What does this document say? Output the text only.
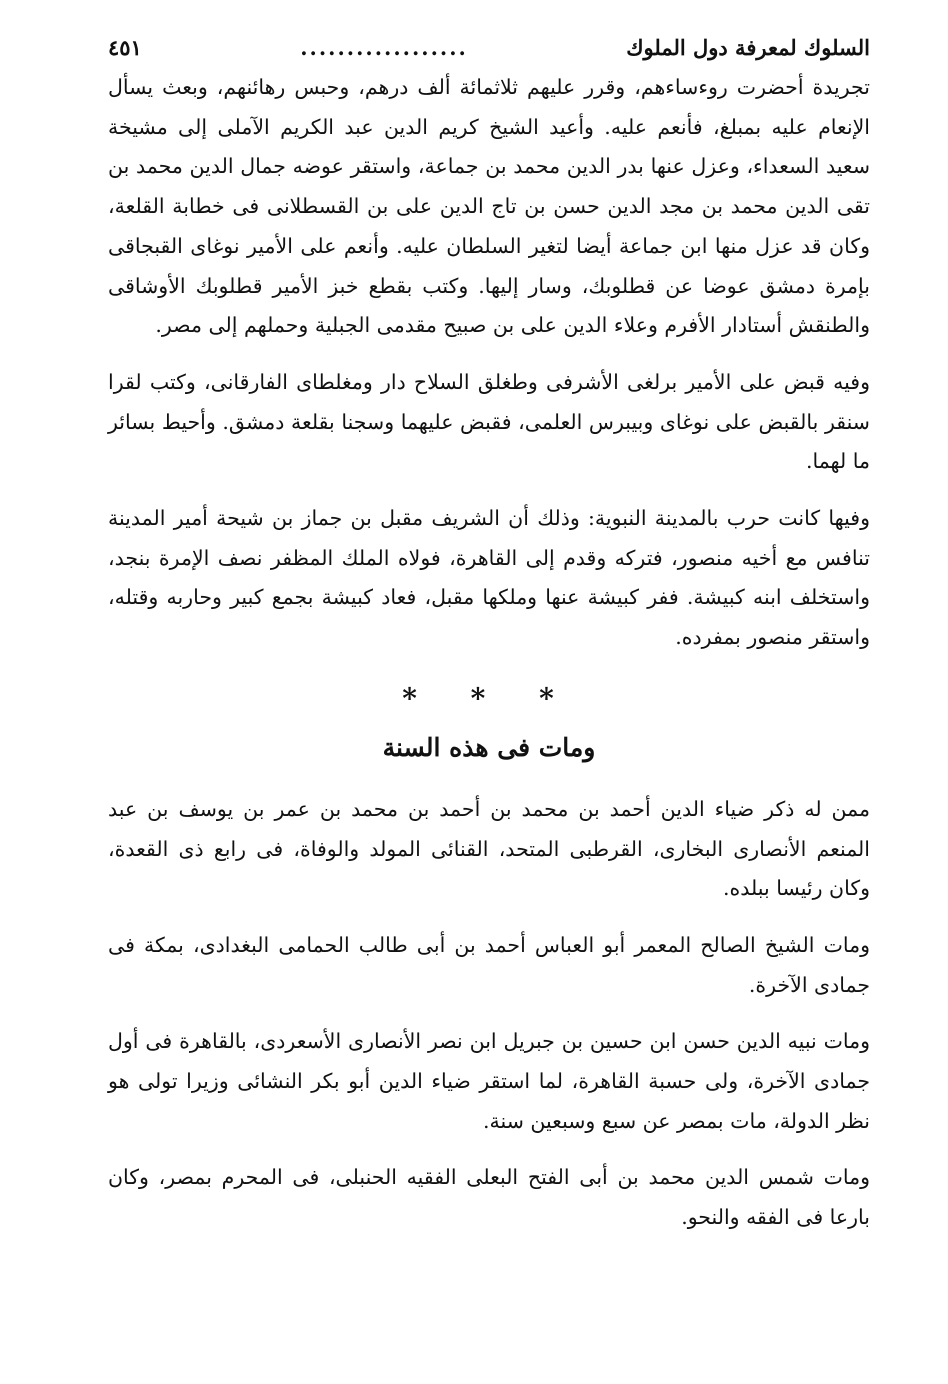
السلوك لمعرفة دول الملوك
..................
٤٥١

تجريدة أحضرت روءساءهم، وقرر عليهم ثلاثمائة ألف درهم، وحبس رهائنهم، وبعث يسأل الإنعام عليه بمبلغ، فأنعم عليه. وأعيد الشيخ كريم الدين عبد الكريم الآملى إلى مشيخة سعيد السعداء، وعزل عنها بدر الدين محمد بن جماعة، واستقر عوضه جمال الدين محمد بن تقى الدين محمد بن مجد الدين حسن بن تاج الدين على بن القسطلانى فى خطابة القلعة، وكان قد عزل منها ابن جماعة أيضا لتغير السلطان عليه. وأنعم على الأمير نوغاى القبجاقى بإمرة دمشق عوضا عن قطلوبك، وسار إليها. وكتب بقطع خبز الأمير قطلوبك الأوشاقى والطنقش أستادار الأفرم وعلاء الدين على بن صبيح مقدمى الجبلية وحملهم إلى مصر.

وفيه قبض على الأمير برلغى الأشرفى وطغلق السلاح دار ومغلطاى الفارقانى، وكتب لقرا سنقر بالقبض على نوغاى وبيبرس العلمى، فقبض عليهما وسجنا بقلعة دمشق. وأحيط بسائر ما لهما.

وفيها كانت حرب بالمدينة النبوية: وذلك أن الشريف مقبل بن جماز بن شيحة أمير المدينة تنافس مع أخيه منصور، فتركه وقدم إلى القاهرة، فولاه الملك المظفر نصف الإمرة بنجد، واستخلف ابنه كبيشة. ففر كبيشة عنها وملكها مقبل، فعاد كبيشة بجمع كبير وحاربه وقتله، واستقر منصور بمفرده.

* * *
ومات فى هذه السنة

ممن له ذكر ضياء الدين أحمد بن محمد بن أحمد بن محمد بن عمر بن يوسف بن عبد المنعم الأنصارى البخارى، القرطبى المتحد، القنائى المولد والوفاة، فى رابع ذى القعدة، وكان رئيسا ببلده.

ومات الشيخ الصالح المعمر أبو العباس أحمد بن أبى طالب الحمامى البغدادى، بمكة فى جمادى الآخرة.

ومات نبيه الدين حسن ابن حسين بن جبريل ابن نصر الأنصارى الأسعردى، بالقاهرة فى أول جمادى الآخرة، ولى حسبة القاهرة، لما استقر ضياء الدين أبو بكر النشائى وزيرا تولى هو نظر الدولة، مات بمصر عن سبع وسبعين سنة.

ومات شمس الدين محمد بن أبى الفتح البعلى الفقيه الحنبلى، فى المحرم بمصر، وكان بارعا فى الفقه والنحو.
